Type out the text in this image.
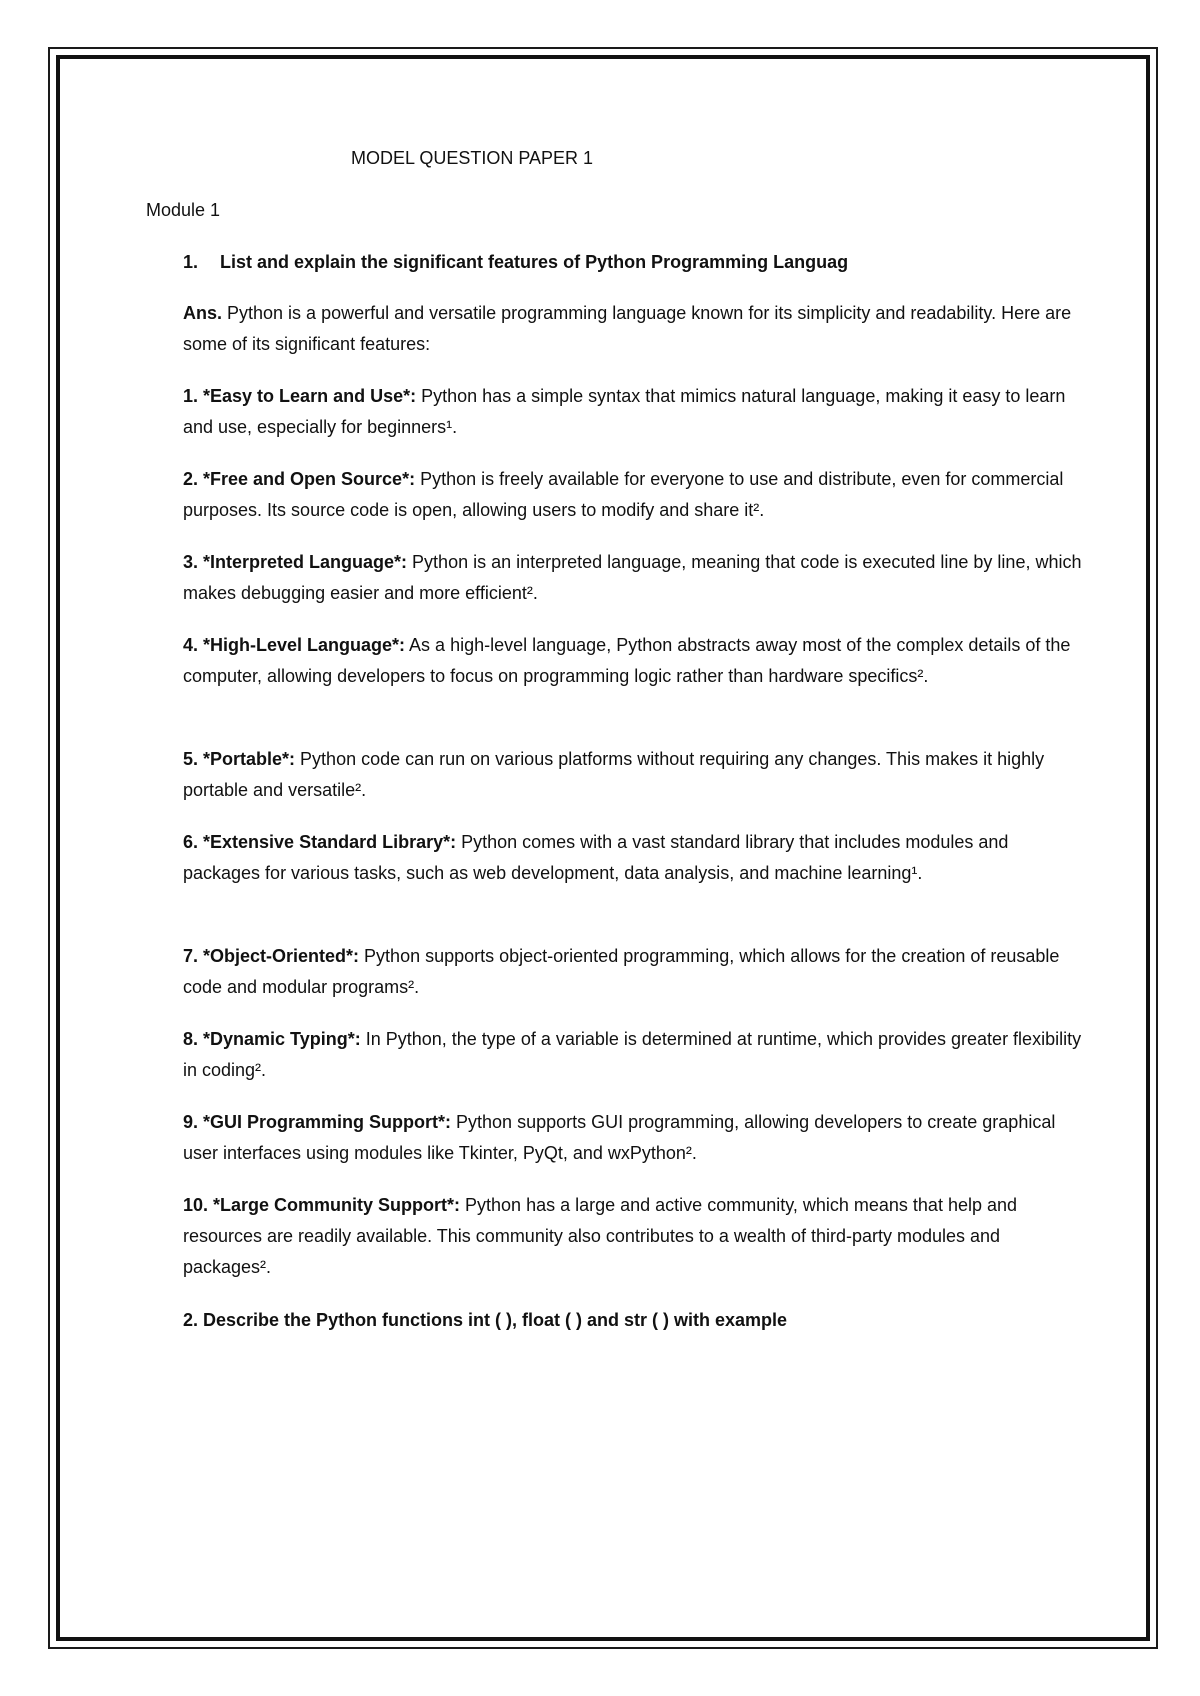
MODEL QUESTION PAPER 1
Module 1
1. List and explain the significant features of Python Programming Languag
Ans. Python is a powerful and versatile programming language known for its simplicity and readability. Here are some of its significant features:
1. *Easy to Learn and Use*: Python has a simple syntax that mimics natural language, making it easy to learn and use, especially for beginners¹.
2. *Free and Open Source*: Python is freely available for everyone to use and distribute, even for commercial purposes. Its source code is open, allowing users to modify and share it².
3. *Interpreted Language*: Python is an interpreted language, meaning that code is executed line by line, which makes debugging easier and more efficient².
4. *High-Level Language*: As a high-level language, Python abstracts away most of the complex details of the computer, allowing developers to focus on programming logic rather than hardware specifics².
5. *Portable*: Python code can run on various platforms without requiring any changes. This makes it highly portable and versatile².
6. *Extensive Standard Library*: Python comes with a vast standard library that includes modules and packages for various tasks, such as web development, data analysis, and machine learning¹.
7. *Object-Oriented*: Python supports object-oriented programming, which allows for the creation of reusable code and modular programs².
8. *Dynamic Typing*: In Python, the type of a variable is determined at runtime, which provides greater flexibility in coding².
9. *GUI Programming Support*: Python supports GUI programming, allowing developers to create graphical user interfaces using modules like Tkinter, PyQt, and wxPython².
10. *Large Community Support*: Python has a large and active community, which means that help and resources are readily available. This community also contributes to a wealth of third-party modules and packages².
2. Describe the Python functions int ( ), float ( ) and str ( ) with example
